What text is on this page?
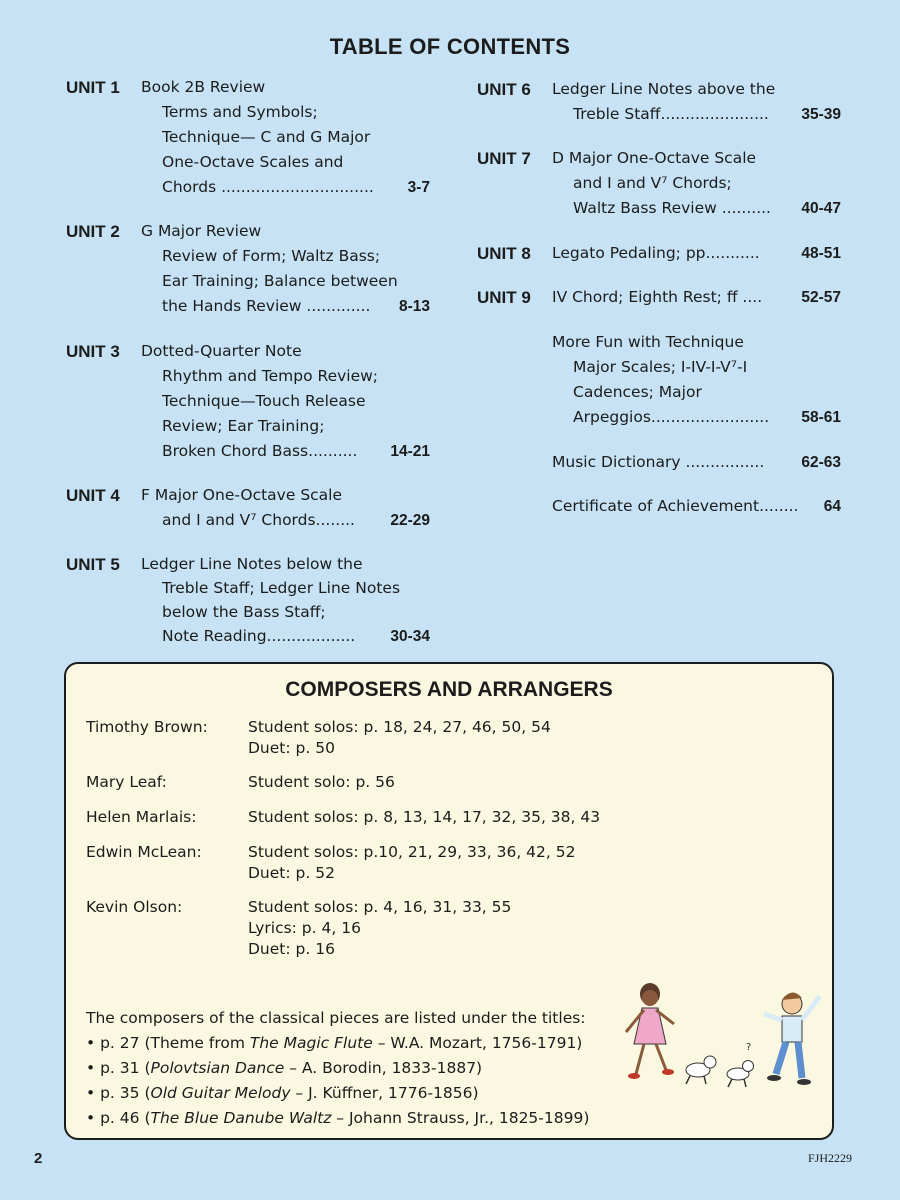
TABLE OF CONTENTS
UNIT 1 Book 2B Review
Terms and Symbols;
Technique— C and G Major
One-Octave Scales and
Chords ............................... 3-7
UNIT 2 G Major Review
Review of Form; Waltz Bass;
Ear Training; Balance between
the Hands Review ............. 8-13
UNIT 3 Dotted-Quarter Note
Rhythm and Tempo Review;
Technique—Touch Release
Review; Ear Training;
Broken Chord Bass.......... 14-21
UNIT 4 F Major One-Octave Scale
and I and V⁷ Chords........ 22-29
UNIT 5 Ledger Line Notes below the
Treble Staff; Ledger Line Notes
below the Bass Staff;
Note Reading.................. 30-34
UNIT 6 Ledger Line Notes above the
Treble Staff...................... 35-39
UNIT 7 D Major One-Octave Scale
and I and V⁷ Chords;
Waltz Bass Review .......... 40-47
UNIT 8 Legato Pedaling; pp...........	48-51
UNIT 9 IV Chord; Eighth Rest; ff ....	52-57
More Fun with Technique
Major Scales; I-IV-I-V⁷-I
Cadences; Major
Arpeggios........................ 58-61
Music Dictionary ................ 62-63
Certificate of Achievement........ 64
COMPOSERS AND ARRANGERS
Timothy Brown:	Student solos: p. 18, 24, 27, 46, 50, 54
Duet: p. 50
Mary Leaf:	Student solo: p. 56
Helen Marlais:	Student solos: p. 8, 13, 14, 17, 32, 35, 38, 43
Edwin McLean:	Student solos: p.10, 21, 29, 33, 36, 42, 52
Duet: p. 52
Kevin Olson:	Student solos: p. 4, 16, 31, 33, 55
Lyrics: p. 4, 16
Duet: p. 16
The composers of the classical pieces are listed under the titles:
• p. 27 (Theme from The Magic Flute – W.A. Mozart, 1756-1791)
• p. 31 (Polovtsian Dance – A. Borodin, 1833-1887)
• p. 35 (Old Guitar Melody – J. Küffner, 1776-1856)
• p. 46 (The Blue Danube Waltz – Johann Strauss, Jr., 1825-1899)
?
2	FJH2229
